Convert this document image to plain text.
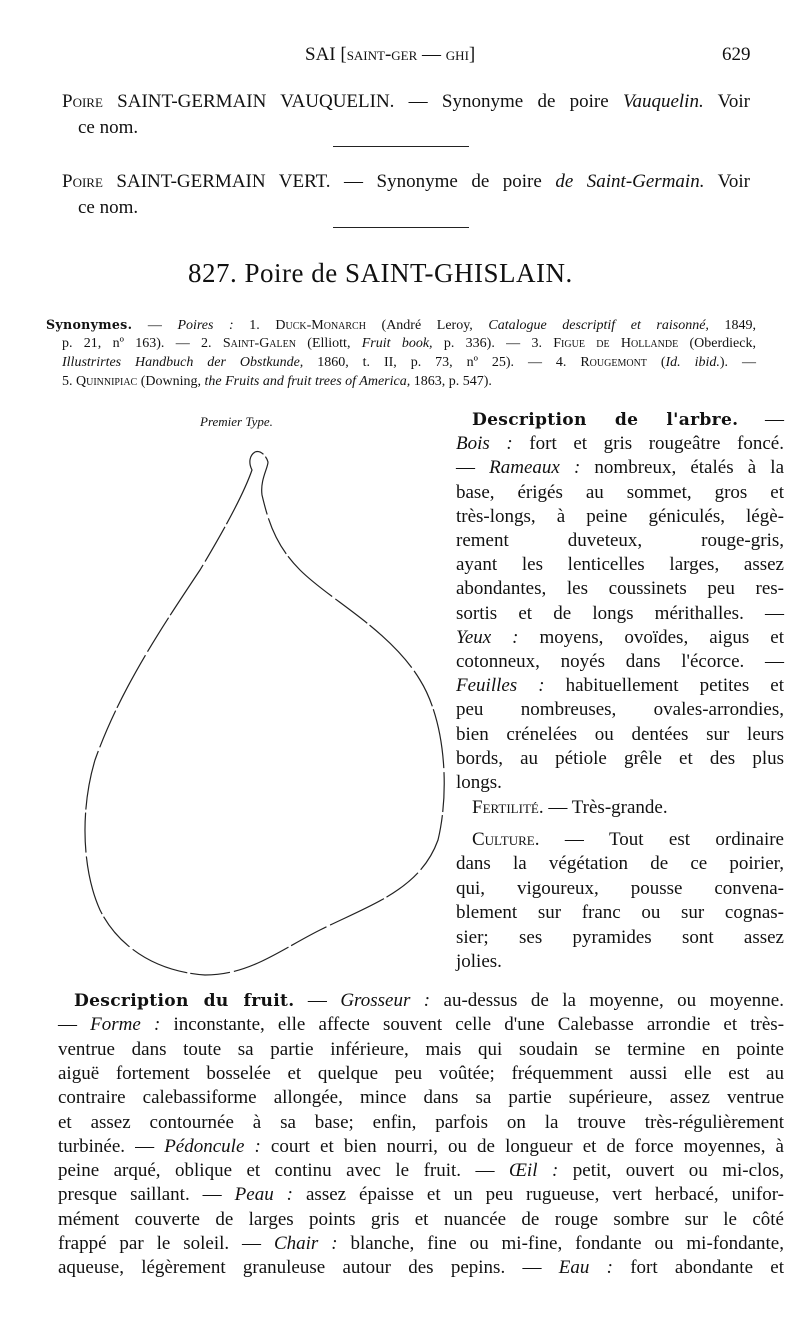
SAI [saint-ger — ghi]	629
Poire SAINT-GERMAIN VAUQUELIN. — Synonyme de poire Vauquelin. Voir
ce nom.
Poire SAINT-GERMAIN VERT. — Synonyme de poire de Saint-Germain. Voir
ce nom.
827. Poire de SAINT-GHISLAIN.
Synonymes. — Poires : 1. Duck-Monarch (André Leroy, Catalogue descriptif et raisonné, 1849,
p. 21, nº 163). — 2. Saint-Galen (Elliott, Fruit book, p. 336). — 3. Figue de Hollande (Oberdieck,
Illustrirtes Handbuch der Obstkunde, 1860, t. II, p. 73, nº 25). — 4. Rougemont (Id. ibid.). —
5. Quinnipiac (Downing, the Fruits and fruit trees of America, 1863, p. 547).
Premier Type.	Description de l'arbre. —
Bois : fort et gris rougeâtre foncé.
— Rameaux : nombreux, étalés à la
base, érigés au sommet, gros et
très-longs, à peine géniculés, légè-
rement duveteux, rouge-gris,
ayant les lenticelles larges, assez
abondantes, les coussinets peu res-
sortis et de longs mérithalles. —
Yeux : moyens, ovoïdes, aigus et
cotonneux, noyés dans l'écorce. —
Feuilles : habituellement petites et
peu nombreuses, ovales-arrondies,
bien crénelées ou dentées sur leurs
bords, au pétiole grêle et des plus
longs.
Fertilité. — Très-grande.
Culture. — Tout est ordinaire
dans la végétation de ce poirier,
qui, vigoureux, pousse convena-
blement sur franc ou sur cognas-
sier; ses pyramides sont assez
jolies.
Description du fruit. — Grosseur : au-dessus de la moyenne, ou moyenne.
— Forme : inconstante, elle affecte souvent celle d'une Calebasse arrondie et très-
ventrue dans toute sa partie inférieure, mais qui soudain se termine en pointe
aiguë fortement bosselée et quelque peu voûtée; fréquemment aussi elle est au
contraire calebassiforme allongée, mince dans sa partie supérieure, assez ventrue
et assez contournée à sa base; enfin, parfois on la trouve très-régulièrement
turbinée. — Pédoncule : court et bien nourri, ou de longueur et de force moyennes, à
peine arqué, oblique et continu avec le fruit. — Œil : petit, ouvert ou mi-clos,
presque saillant. — Peau : assez épaisse et un peu rugueuse, vert herbacé, unifor-
mément couverte de larges points gris et nuancée de rouge sombre sur le côté
frappé par le soleil. — Chair : blanche, fine ou mi-fine, fondante ou mi-fondante,
aqueuse, légèrement granuleuse autour des pepins. — Eau : fort abondante et
